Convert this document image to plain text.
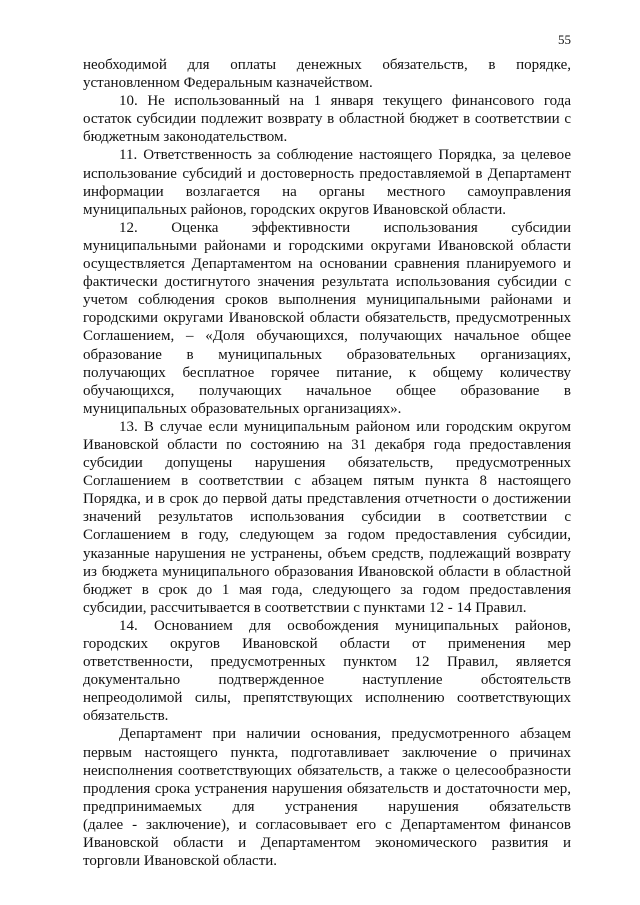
55
необходимой для оплаты денежных обязательств, в порядке,
установленном Федеральным казначейством.
10. Не использованный на 1 января текущего финансового года
остаток субсидии подлежит возврату в областной бюджет в соответствии с
бюджетным законодательством.
11. Ответственность за соблюдение настоящего Порядка, за целевое
использование субсидий и достоверность предоставляемой в Департамент
информации возлагается на органы местного самоуправления
муниципальных районов, городских округов Ивановской области.
12. Оценка эффективности использования субсидии
муниципальными районами и городскими округами Ивановской области
осуществляется Департаментом на основании сравнения планируемого и
фактически достигнутого значения результата использования субсидии с
учетом соблюдения сроков выполнения муниципальными районами и
городскими округами Ивановской области обязательств, предусмотренных
Соглашением, – «Доля обучающихся, получающих начальное общее
образование в муниципальных образовательных организациях,
получающих бесплатное горячее питание, к общему количеству
обучающихся, получающих начальное общее образование в
муниципальных образовательных организациях».
13. В случае если муниципальным районом или городским округом
Ивановской области по состоянию на 31 декабря года предоставления
субсидии допущены нарушения обязательств, предусмотренных
Соглашением в соответствии с абзацем пятым пункта 8 настоящего
Порядка, и в срок до первой даты представления отчетности о достижении
значений результатов использования субсидии в соответствии с
Соглашением в году, следующем за годом предоставления субсидии,
указанные нарушения не устранены, объем средств, подлежащий возврату
из бюджета муниципального образования Ивановской области в областной
бюджет в срок до 1 мая года, следующего за годом предоставления
субсидии, рассчитывается в соответствии с пунктами 12 - 14 Правил.
14. Основанием для освобождения муниципальных районов,
городских округов Ивановской области от применения мер
ответственности, предусмотренных пунктом 12 Правил, является
документально подтвержденное наступление обстоятельств
непреодолимой силы, препятствующих исполнению соответствующих
обязательств.
Департамент при наличии основания, предусмотренного абзацем
первым настоящего пункта, подготавливает заключение о причинах
неисполнения соответствующих обязательств, а также о целесообразности
продления срока устранения нарушения обязательств и достаточности мер,
предпринимаемых для устранения нарушения обязательств
(далее - заключение), и согласовывает его с Департаментом финансов
Ивановской области и Департаментом экономического развития и
торговли Ивановской области.
